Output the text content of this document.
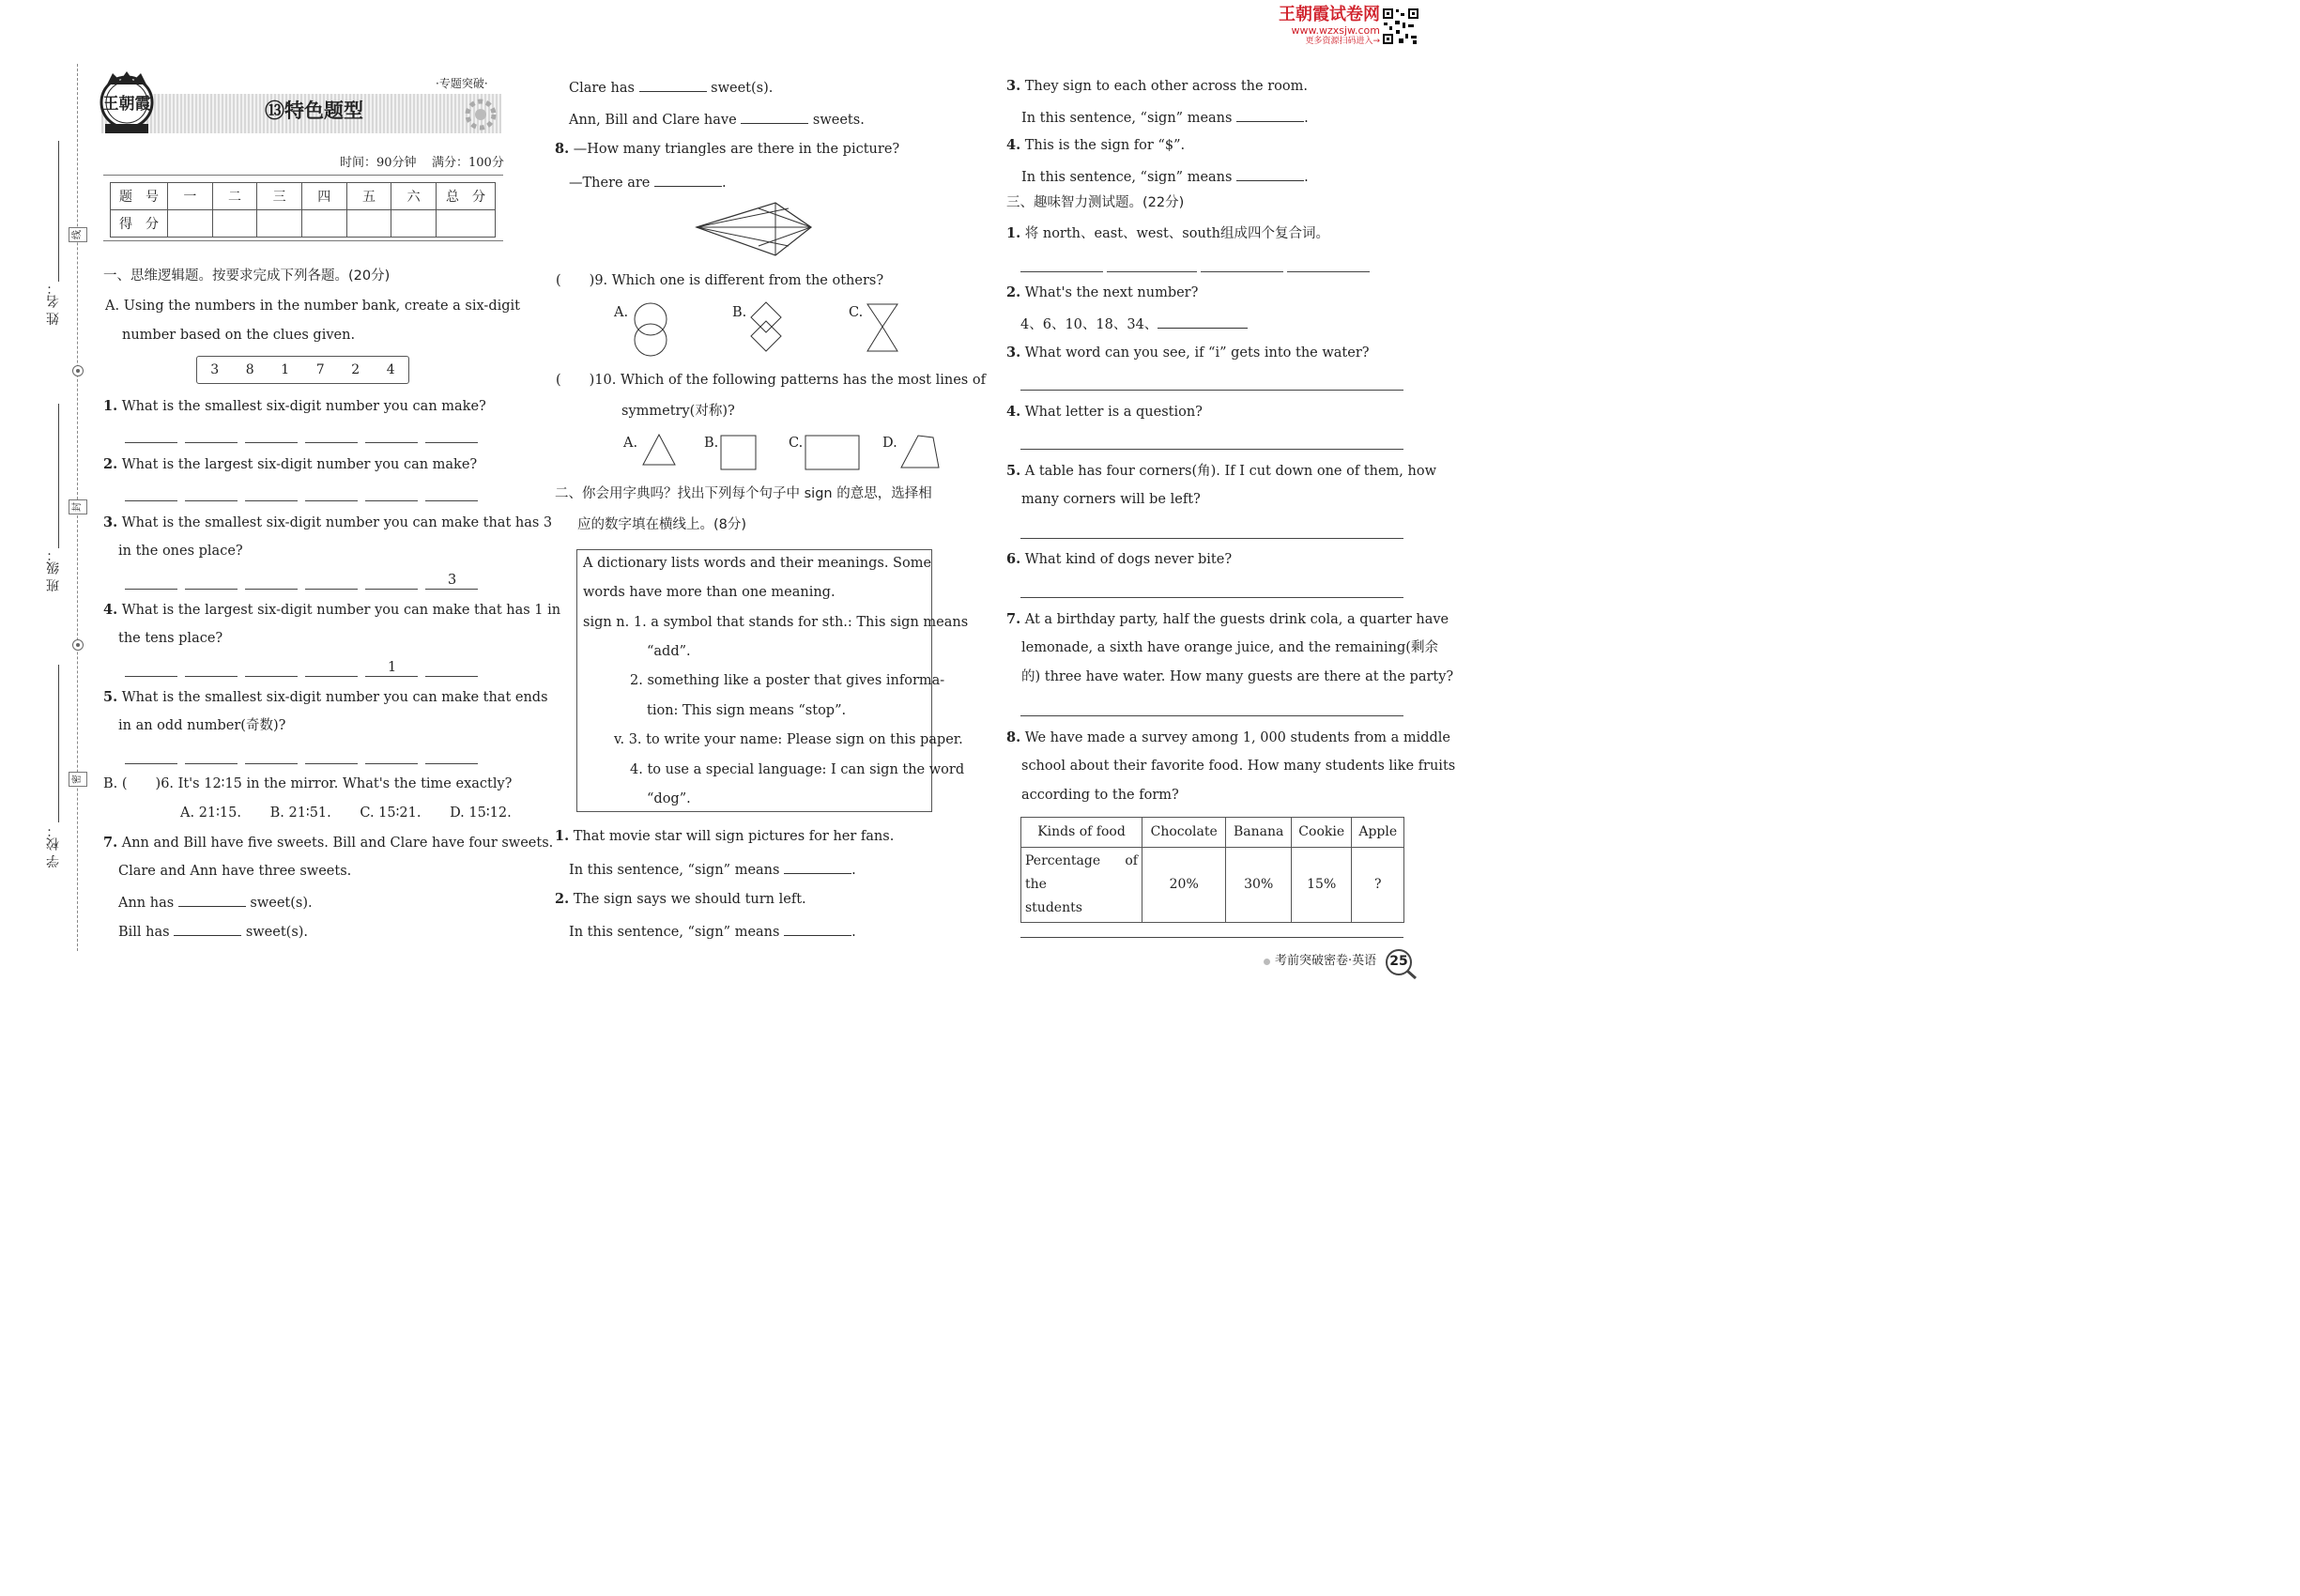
王朝霞试卷网
www.wzxsjw.com
更多资源扫码进入→
姓 名：
班 级：
学 校：
线
封
密
王朝霞
·专题突破·
⑬特色题型
时间：90分钟 满分：100分
题　号	一	二	三	四	五	六	总　分
得　分							
一、思维逻辑题。按要求完成下列各题。(20分)
A. Using the numbers in the number bank, create a six-digit
number based on the clues given.
3 8 1 7 2 4
1. What is the smallest six-digit number you can make?
2. What is the largest six-digit number you can make?
3. What is the smallest six-digit number you can make that has 3
in the ones place?
3
4. What is the largest six-digit number you can make that has 1 in
the tens place?
1
5. What is the smallest six-digit number you can make that ends
in an odd number(奇数)?
B. ( )6. It's 12∶15 in the mirror. What's the time exactly?
A. 21∶15. B. 21∶51. C. 15∶21. D. 15∶12.
7. Ann and Bill have five sweets. Bill and Clare have four sweets.
Clare and Ann have three sweets.
Ann has	sweet(s).
Bill has	sweet(s).
Clare has	sweet(s).
Ann, Bill and Clare have	sweets.
8. —How many triangles are there in the picture?
—There are	.
( )9. Which one is different from the others?
A.	B.	C.
( )10. Which of the following patterns has the most lines of
symmetry(对称)?
A.	B.	C.	D.
二、你会用字典吗？找出下列每个句子中 sign 的意思，选择相
应的数字填在横线上。(8分)
A dictionary lists words and their meanings. Some
words have more than one meaning.
sign n. 1. a symbol that stands for sth.: This sign means
“add”.
2. something like a poster that gives informa-
tion: This sign means “stop”.
v. 3. to write your name: Please sign on this paper.
4. to use a special language: I can sign the word
“dog”.
1. That movie star will sign pictures for her fans.
In this sentence, “sign” means	.
2. The sign says we should turn left.
In this sentence, “sign” means	.
3. They sign to each other across the room.
In this sentence, “sign” means	.
4. This is the sign for “$”.
In this sentence, “sign” means	.
三、趣味智力测试题。(22分)
1. 将 north、east、west、south组成四个复合词。
2. What's the next number?
4、6、10、18、34、
3. What word can you see, if “i” gets into the water?
4. What letter is a question?
5. A table has four corners(角). If I cut down one of them, how
many corners will be left?
6. What kind of dogs never bite?
7. At a birthday party, half the guests drink cola, a quarter have
lemonade, a sixth have orange juice, and the remaining(剩余
的) three have water. How many guests are there at the party?
8. We have made a survey among 1, 000 students from a middle
school about their favorite food. How many students like fruits
according to the form?
Kinds of food	Chocolate	Banana	Cookie	Apple

Percentage of the
students	20%	30%	15%	?
考前突破密卷·英语 25
